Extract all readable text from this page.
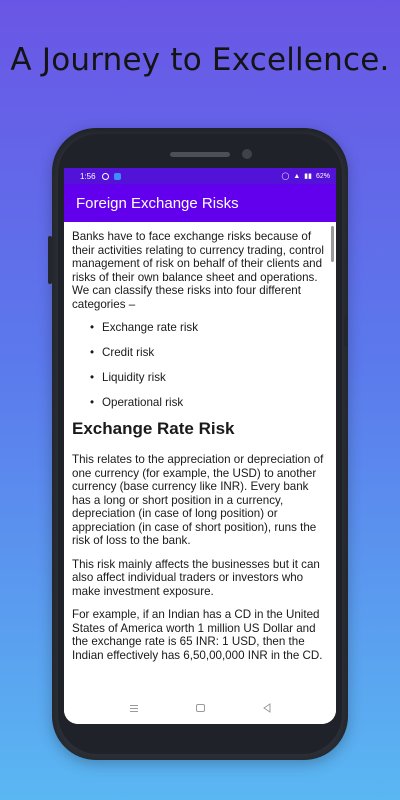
A Journey to Excellence.
1:56	◯ ▲ ▮▮ 62%
Foreign Exchange Risks

Banks have to face exchange risks because of their activities relating to currency trading, control management of risk on behalf of their clients and risks of their own balance sheet and operations. We can classify these risks into four different categories –

• Exchange rate risk
• Credit risk
• Liquidity risk
• Operational risk
Exchange Rate Risk

This relates to the appreciation or depreciation of one currency (for example, the USD) to another currency (base currency like INR). Every bank has a long or short position in a currency, depreciation (in case of long position) or appreciation (in case of short position), runs the risk of loss to the bank.

This risk mainly affects the businesses but it can also affect individual traders or investors who make investment exposure.

For example, if an Indian has a CD in the United States of America worth 1 million US Dollar and the exchange rate is 65 INR: 1 USD, then the Indian effectively has 6,50,00,000 INR in the CD.
